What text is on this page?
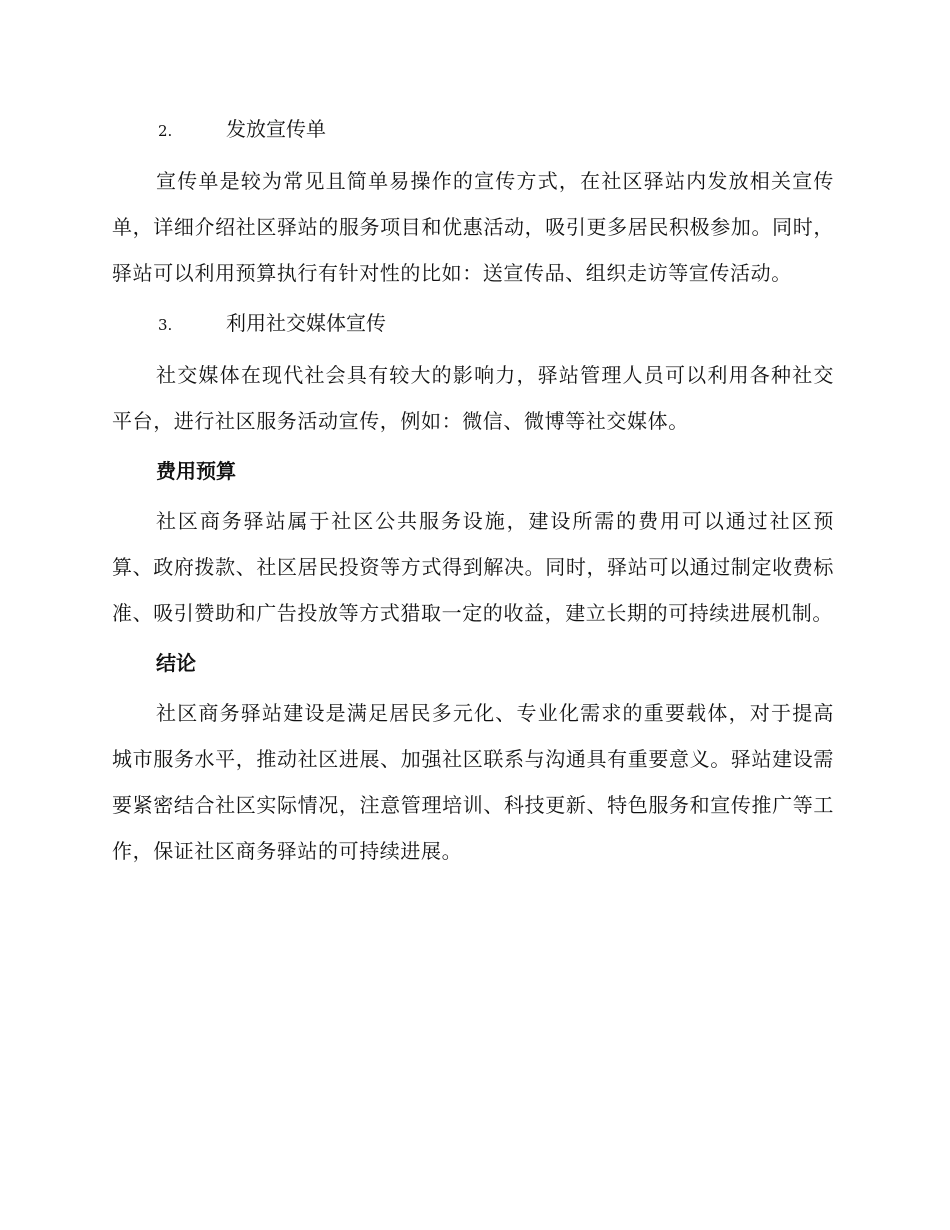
2.	发放宣传单

宣传单是较为常见且简单易操作的宣传方式，在社区驿站内发放相关宣传单，详细介绍社区驿站的服务项目和优惠活动，吸引更多居民积极参加。同时，驿站可以利用预算执行有针对性的比如：送宣传品、组织走访等宣传活动。

3.	利用社交媒体宣传

社交媒体在现代社会具有较大的影响力，驿站管理人员可以利用各种社交平台，进行社区服务活动宣传，例如：微信、微博等社交媒体。

费用预算

社区商务驿站属于社区公共服务设施，建设所需的费用可以通过社区预算、政府拨款、社区居民投资等方式得到解决。同时，驿站可以通过制定收费标准、吸引赞助和广告投放等方式猎取一定的收益，建立长期的可持续进展机制。

结论

社区商务驿站建设是满足居民多元化、专业化需求的重要载体，对于提高城市服务水平，推动社区进展、加强社区联系与沟通具有重要意义。驿站建设需要紧密结合社区实际情况，注意管理培训、科技更新、特色服务和宣传推广等工作，保证社区商务驿站的可持续进展。
